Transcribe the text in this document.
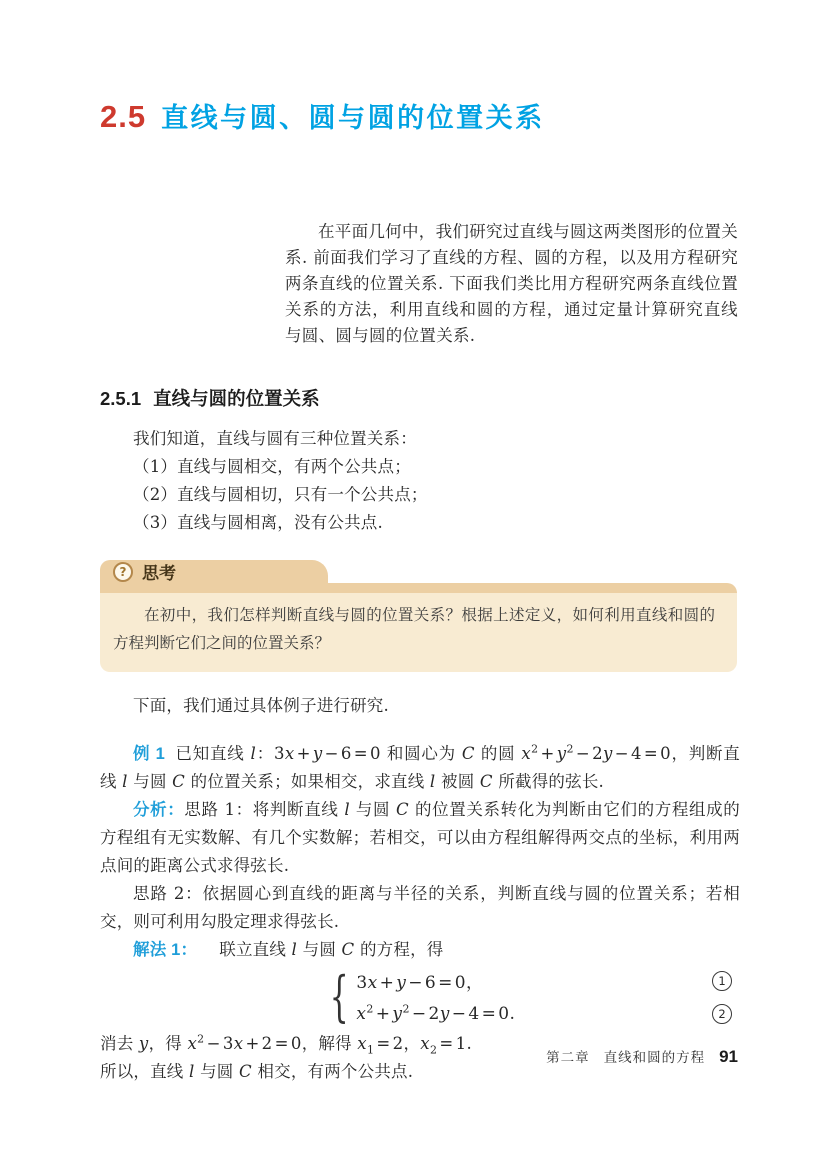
2.5 直线与圆、圆与圆的位置关系

在平面几何中，我们研究过直线与圆这两类图形的位置关系. 前面我们学习了直线的方程、圆的方程，以及用方程研究两条直线的位置关系. 下面我们类比用方程研究两条直线位置关系的方法，利用直线和圆的方程，通过定量计算研究直线与圆、圆与圆的位置关系.

2.5.1 直线与圆的位置关系

我们知道，直线与圆有三种位置关系：

（1）直线与圆相交，有两个公共点；

（2）直线与圆相切，只有一个公共点；

（3）直线与圆相离，没有公共点.

? 思考

在初中，我们怎样判断直线与圆的位置关系？根据上述定义，如何利用直线和圆的方程判断它们之间的位置关系？

下面，我们通过具体例子进行研究.

例 1 已知直线 l：3x + y − 6 = 0 和圆心为 C 的圆 $x^2 + y^2 - 2y - 4 = 0$，判断直线 l 与圆 C 的位置关系；如果相交，求直线 l 被圆 C 所截得的弦长.

分析：思路 1：将判断直线 l 与圆 C 的位置关系转化为判断由它们的方程组成的方程组有无实数解、有几个实数解；若相交，可以由方程组解得两交点的坐标，利用两点间的距离公式求得弦长.

思路 2：依据圆心到直线的距离与半径的关系，判断直线与圆的位置关系；若相交，则可利用勾股定理求得弦长.

解法 1： 联立直线 l 与圆 C 的方程，得

{ 3x + y − 6 = 0，	1
$x^2 + y^2 - 2y - 4 = 0$.	2

消去 y，得 $x^2 - 3x + 2 = 0$，解得 $x_1 = 2$，$x_2 = 1$.

所以，直线 l 与圆 C 相交，有两个公共点.

第二章 直线和圆的方程 91
